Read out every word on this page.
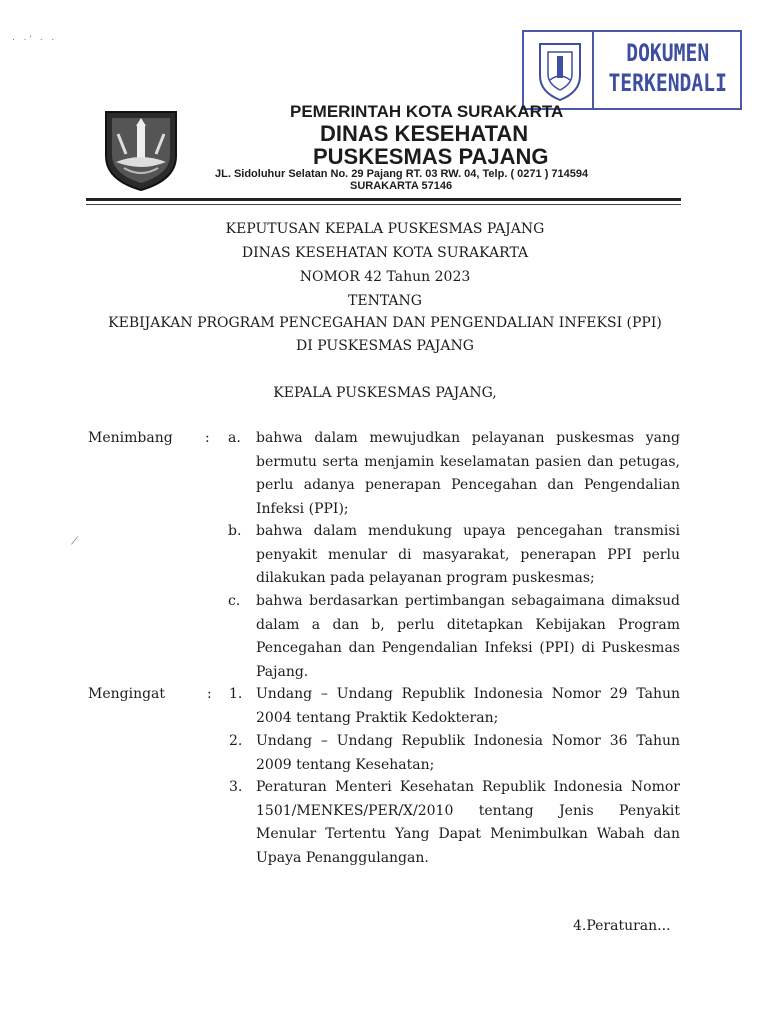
· ·' · ·
/
DOKUMEN
TERKENDALI
PEMERINTAH KOTA SURAKARTA
DINAS KESEHATAN
PUSKESMAS PAJANG
JL. Sidoluhur Selatan No. 29 Pajang RT. 03 RW. 04, Telp. ( 0271 ) 714594
SURAKARTA 57146
KEPUTUSAN KEPALA PUSKESMAS PAJANG
DINAS KESEHATAN KOTA SURAKARTA
NOMOR 42 Tahun 2023
TENTANG
KEBIJAKAN PROGRAM PENCEGAHAN DAN PENGENDALIAN INFEKSI (PPI)
DI PUSKESMAS PAJANG
KEPALA PUSKESMAS PAJANG,
Menimbang : a. bahwa dalam mewujudkan pelayanan puskesmas yang bermutu serta menjamin keselamatan pasien dan petugas, perlu adanya penerapan Pencegahan dan Pengendalian Infeksi (PPI);
b. bahwa dalam mendukung upaya pencegahan transmisi penyakit menular di masyarakat, penerapan PPI perlu dilakukan pada pelayanan program puskesmas;
c. bahwa berdasarkan pertimbangan sebagaimana dimaksud dalam a dan b, perlu ditetapkan Kebijakan Program Pencegahan dan Pengendalian Infeksi (PPI) di Puskesmas Pajang.
Mengingat	: 1. Undang – Undang Republik Indonesia Nomor 29 Tahun 2004 tentang Praktik Kedokteran;
2. Undang – Undang Republik Indonesia Nomor 36 Tahun 2009 tentang Kesehatan;
3. Peraturan Menteri Kesehatan Republik Indonesia Nomor 1501/MENKES/PER/X/2010 tentang Jenis Penyakit Menular Tertentu Yang Dapat Menimbulkan Wabah dan Upaya Penanggulangan.
4.Peraturan...
